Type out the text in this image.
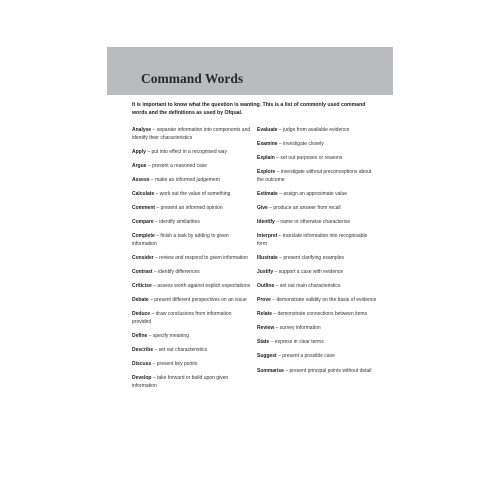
Command Words
It is important to know what the question is wanting. This is a list of commonly used command words and the definitions as used by Ofqual.
Analyse – separate information into components and identify their characteristics
Apply – put into effect in a recognised way
Argue – present a reasoned case
Assess – make an informed judgement
Calculate – work out the value of something
Comment – present an informed opinion
Compare – identify similarities
Complete – finish a task by adding to given information
Consider – review and respond to given information
Contrast – identify differences
Criticise – assess worth against explicit expectations
Debate – present different perspectives on an issue
Deduce – draw conclusions from information provided
Define – specify meaning
Describe – set out characteristics
Discuss – present key points
Develop – take forward or build upon given information
Evaluate – judge from available evidence
Examine – investigate closely
Explain – set out purposes or reasons
Explore – investigate without preconceptions about the outcome
Estimate – assign an approximate value
Give – produce an answer from recall
Identify – name or otherwise characterise
Interpret – translate information into recognisable form
Illustrate – present clarifying examples
Justify – support a case with evidence
Outline – set out main characteristics
Prove – demonstrate validity on the basis of evidence
Relate – demonstrate connections between items
Review – survey information
State – express in clear terms
Suggest – present a possible case
Summarise – present principal points without detail
